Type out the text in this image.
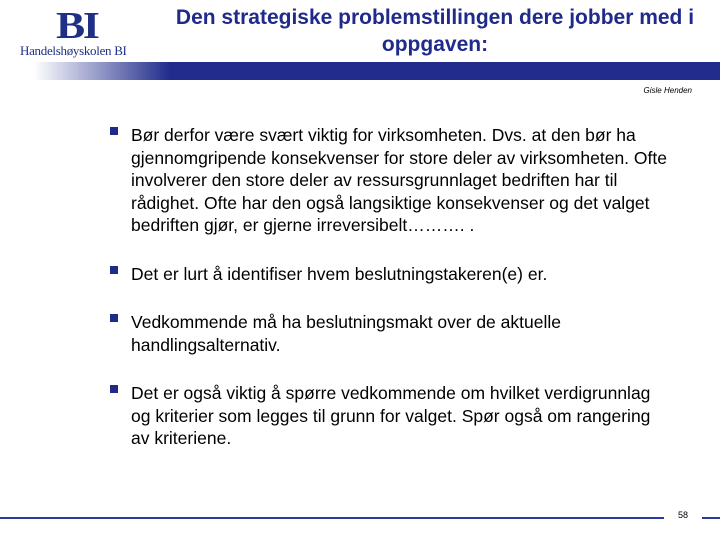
BI
Handelshøyskolen BI
Den strategiske problemstillingen dere jobber med i oppgaven:
Gisle Henden
Bør derfor være svært viktig for virksomheten. Dvs. at den bør ha gjennomgripende konsekvenser for store deler av virksomheten. Ofte involverer den store deler av ressursgrunnlaget bedriften har til rådighet. Ofte har den også langsiktige konsekvenser og det valget bedriften gjør, er gjerne irreversibelt………. .
Det er lurt å identifiser hvem beslutningstakeren(e) er.
Vedkommende må ha beslutningsmakt over de aktuelle handlingsalternativ.
Det er også viktig å spørre vedkommende om hvilket verdigrunnlag og kriterier som legges til grunn for valget. Spør også om rangering av kriteriene.
58
